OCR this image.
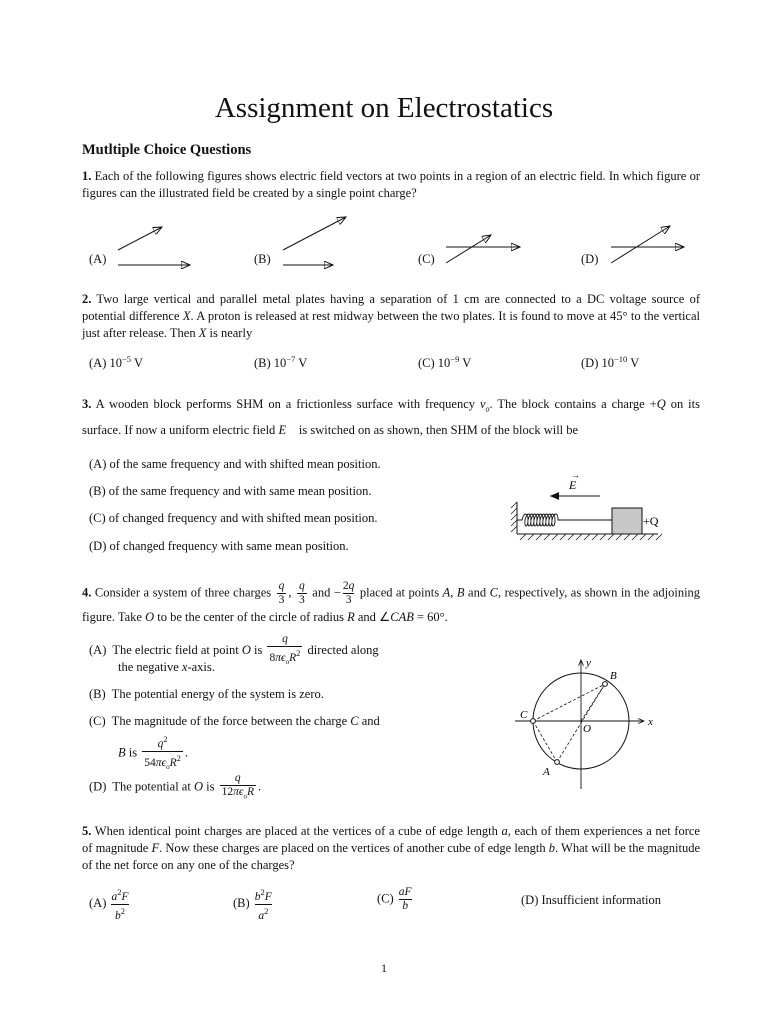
Assignment on Electrostatics
Mutltiple Choice Questions
1. Each of the following figures shows electric field vectors at two points in a region of an electric field. In which figure or figures can the illustrated field be created by a single point charge?
(A)	(B)	(C)	(D)
2. Two large vertical and parallel metal plates having a separation of 1 cm are connected to a DC voltage source of potential difference X. A proton is released at rest midway between the two plates. It is found to move at 45° to the vertical just after release. Then X is nearly
(A) $10^{-5}$ V	(B) $10^{-7}$ V	(C) $10^{-9}$ V	(D) $10^{-10}$ V
3. A wooden block performs SHM on a frictionless surface with frequency $\nu_o$. The block contains a charge +Q on its surface. If now a uniform electric field E⃗ is switched on as shown, then SHM of the block will be
(A) of the same frequency and with shifted mean position.
(B) of the same frequency and with same mean position.
(C) of changed frequency and with shifted mean position.
(D) of changed frequency with same mean position.
E
→
+Q
4. Consider a system of three charges $\frac{q}{3}$ , $\frac{q}{3}$ and − $\frac{2q}{3}$ placed at points A, B and C, respectively, as shown in the adjoining figure. Take O to be the center of the circle of radius R and ∠CAB = 60°.
(A)  The electric field at point O is $\frac{q}{8\pi\epsilon_oR^2}$ directed along
the negative x-axis.
(B)  The potential energy of the system is zero.
(C)  The magnitude of the force between the charge C and
B is $\frac{q^2}{54\pi\epsilon_oR^2}$ .
(D)  The potential at O is $\frac{q}{12\pi\epsilon_oR}$ .
x
y
B
C
A
O
5. When identical point charges are placed at the vertices of a cube of edge length a, each of them experiences a net force of magnitude F. Now these charges are placed on the vertices of another cube of edge length b. What will be the magnitude of the net force on any one of the charges?
$(A) \frac{a^2F}{b^2}$	$(B) \frac{b^2F}{a^2}$	$(C) \frac{aF}{b}$	(D) Insufficient information
1
